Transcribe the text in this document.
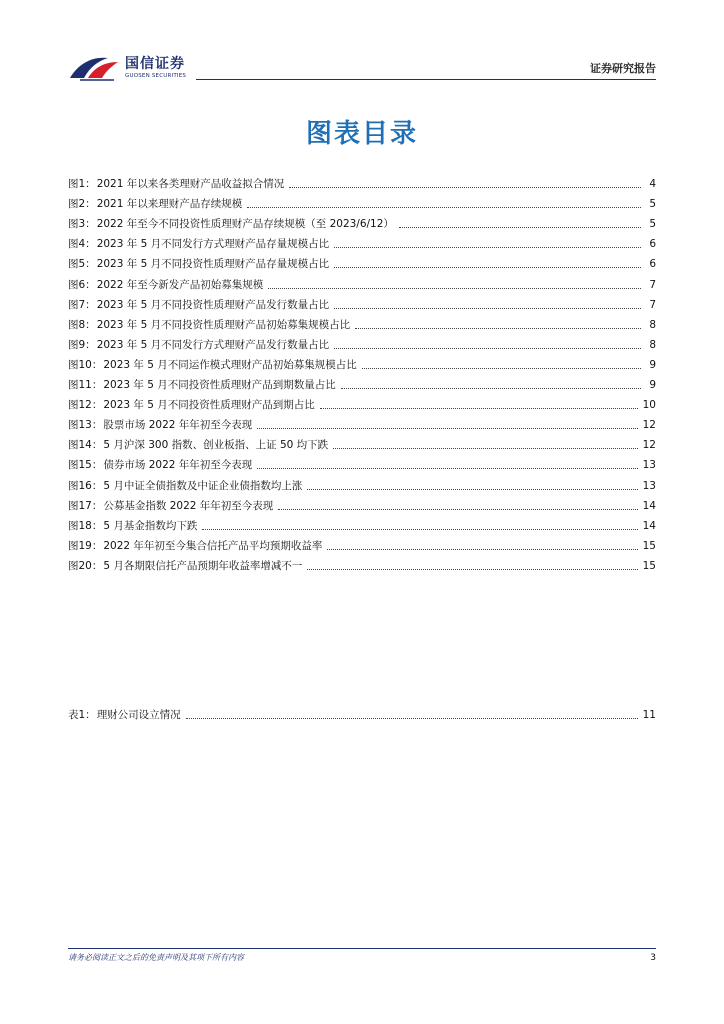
国信证券
GUOSEN SECURITIES
证券研究报告
图表目录
图1： 2021 年以来各类理财产品收益拟合情况	4
图2： 2021 年以来理财产品存续规模	5
图3： 2022 年至今不同投资性质理财产品存续规模（至 2023/6/12）	5
图4： 2023 年 5 月不同发行方式理财产品存量规模占比	6
图5： 2023 年 5 月不同投资性质理财产品存量规模占比	6
图6： 2022 年至今新发产品初始募集规模	7
图7： 2023 年 5 月不同投资性质理财产品发行数量占比	7
图8： 2023 年 5 月不同投资性质理财产品初始募集规模占比	8
图9： 2023 年 5 月不同发行方式理财产品发行数量占比	8
图10： 2023 年 5 月不同运作模式理财产品初始募集规模占比	9
图11： 2023 年 5 月不同投资性质理财产品到期数量占比	9
图12： 2023 年 5 月不同投资性质理财产品到期占比	10
图13： 股票市场 2022 年年初至今表现	12
图14： 5 月沪深 300 指数、创业板指、上证 50 均下跌	12
图15： 债券市场 2022 年年初至今表现	13
图16： 5 月中证全债指数及中证企业债指数均上涨	13
图17： 公募基金指数 2022 年年初至今表现	14
图18： 5 月基金指数均下跌	14
图19： 2022 年年初至今集合信托产品平均预期收益率	15
图20： 5 月各期限信托产品预期年收益率增减不一	15
表1： 理财公司设立情况	11
请务必阅读正文之后的免责声明及其项下所有内容	3
